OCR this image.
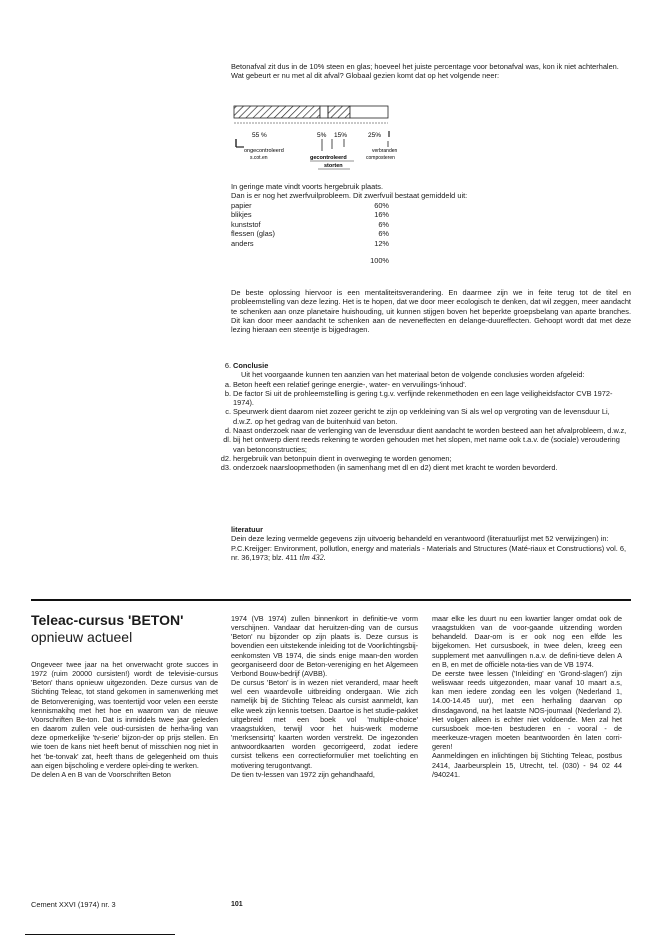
Betonafval zit dus in de 10% steen en glas; hoeveel het juiste percentage voor betonafval was, kon ik niet achterhalen.

Wat gebeurt er nu met al dit afval? Globaal gezien komt dat op het volgende neer:

55 %	5% 15%	25%
ongecontroleerd
s.cot.en	gecontroleerd
storten
verbranden
composteren

In geringe mate vindt voorts hergebruik plaats.

Dan is er nog het zwerfvuilprobleem. Dit zwerfvuil bestaat gemiddeld uit:

papier	60%
blikjes	16%
kunststof	6%
flessen (glas)	6%
anders	12%
	100%
De beste oplossing hiervoor is een mentaliteitsverandering. En daarmee zijn we in feite terug tot de titel en probleemstelling van deze lezing. Het is te hopen, dat we door meer ecologisch te denken, dat wil zeggen, meer aandacht te schenken aan onze planetaire huishouding, uit kunnen stijgen boven het beperkte groepsbelang van aparte branches. Dit kan door meer aandacht te schenken aan de neveneffecten en delange-duureffecten. Gehoopt wordt dat met deze lezing hieraan een steentje is bijgedragen.
6. Conclusie
Uit het voorgaande kunnen ten aanzien van het materiaal beton de volgende conclusies worden afgeleid:
a. Beton heeft een relatief geringe energie-, water- en vervuilings-'inhoud'.
b. De factor Si uit de prohleemstelling is gering t.g.v. verfijnde rekenmethoden en een lage veiligheidsfactor CVB 1972-1974).
c. Speurwerk dient daarom niet zozeer gericht te zijn op verkleining van Si als wel op vergroting van de levensduur Li, d.w.Z. op het gedrag van de buitenhuid van beton.
d. Naast onderzoek naar de verlenging van de levensduur dient aandacht te worden besteed aan het afvalprobleem, d.w.z,
dl. bij het ontwerp dient reeds rekening te worden gehouden met het slopen, met name ook t.a.v. de (sociale) veroudering van betonconstructies;
d2. hergebruik van betonpuin dient in overweging te worden genomen;
d3. onderzoek naarsloopmethoden (in samenhang met dl en d2) dient met kracht te worden bevorderd.

literatuur

Dein deze lezing vermelde gegevens zijn uitvoerig behandeld en verantwoord (literatuurlijst met 52 verwijzingen) in:

P.C.Kreijger: Environment, pollutlon, energy and materials - Materials and Structures (Maté-riaux et Constructions) vol. 6, nr. 36,1973; blz. 411 tlm 432.

Teleac-cursus 'BETON'
opnieuw actueel

Ongeveer twee jaar na het onverwacht grote succes in 1972 (ruim 20000 cursisten!) wordt de televisie-cursus 'Beton' thans opnieuw uitgezonden. Deze cursus van de Stichting Teleac, tot stand gekomen in samenwerking met de Betonvereniging, was toentertijd voor velen een eerste kennismakihq met het hoe en waarom van de nieuwe Voorschriften Be-ton. Dat is inmiddels twee jaar geleden en daarom zullen vele oud-cursisten de herha-ling van deze opmerkelijke 'tv-serie' bijzon-der op prijs stellen. En wie toen de kans niet heeft benut of misschien nog niet in het 'be-tonvak' zat, heeft thans de gelegenheid om thuis aan eigen bijscholing e verdere oplei-ding te werken.

De delen A en B van de Voorschriften Beton

1974 (VB 1974) zullen binnenkort in definitie-ve vorm verschijnen. Vandaar dat heruitzen-ding van de cursus 'Beton' nu bijzonder op zijn plaats is. Deze cursus is bovendien een uitstekende inleiding tot de Voorlichtingsbij-eenkomsten VB 1974, die sinds enige maan-den worden georganiseerd door de Beton-vereniging en het Algemeen Verbond Bouw-bedrijf (AVBB).

De cursus 'Beton' is in wezen niet veranderd, maar heeft wel een waardevolle uitbreiding ondergaan. Wie zich namelijk bij de Stichting Teleac als cursist aanmeldt, kan elke week zijn kennis toetsen. Daartoe is het studie-pakket uitgebreid met een boek vol 'multiple-choice' vraagstukken, terwijl voor het huis-werk moderne 'merksensirtq' kaarten worden verstrekt. De ingezonden antwoordkaarten worden gecorrigeerd, zodat iedere cursist telkens een correctieformulier met toelichting en motivering terugontvangt.

De tien tv-lessen van 1972 zijn gehandhaafd,

maar elke les duurt nu een kwartier langer omdat ook de vraagstukken van de voor-gaande uitzending worden behandeld. Daar-om is er ook nog een elfde les bijgekomen. Het cursusboek, in twee delen, kreeg een supplement met aanvullingen n.a.v. de defini-tieve delen A en B, en met de officiële nota-ties van de VB 1974.

De eerste twee lessen ('Inleiding' en 'Grond-slagen') zijn weliswaar reeds uitgezonden, maar vanaf 10 maart a.s, kan men iedere zondag een les volgen (Nederland 1, 14.00-14.45 uur), met een herhaling daarvan op dinsdagavond, na het laatste NOS-journaal (Nederland 2). Het volgen alleen is echter niet voldoende. Men zal het cursusboek moe-ten bestuderen en - vooral - de meerkeuze-vragen moeten beantwoorden èn laten corri-geren!

Aanmeldingen en inlichtingen bij Stichting Teleac, postbus 2414, Jaarbeursplein 15, Utrecht, tel. (030) - 94 02 44 /940241.

Cement XXVI (1974) nr. 3	101
